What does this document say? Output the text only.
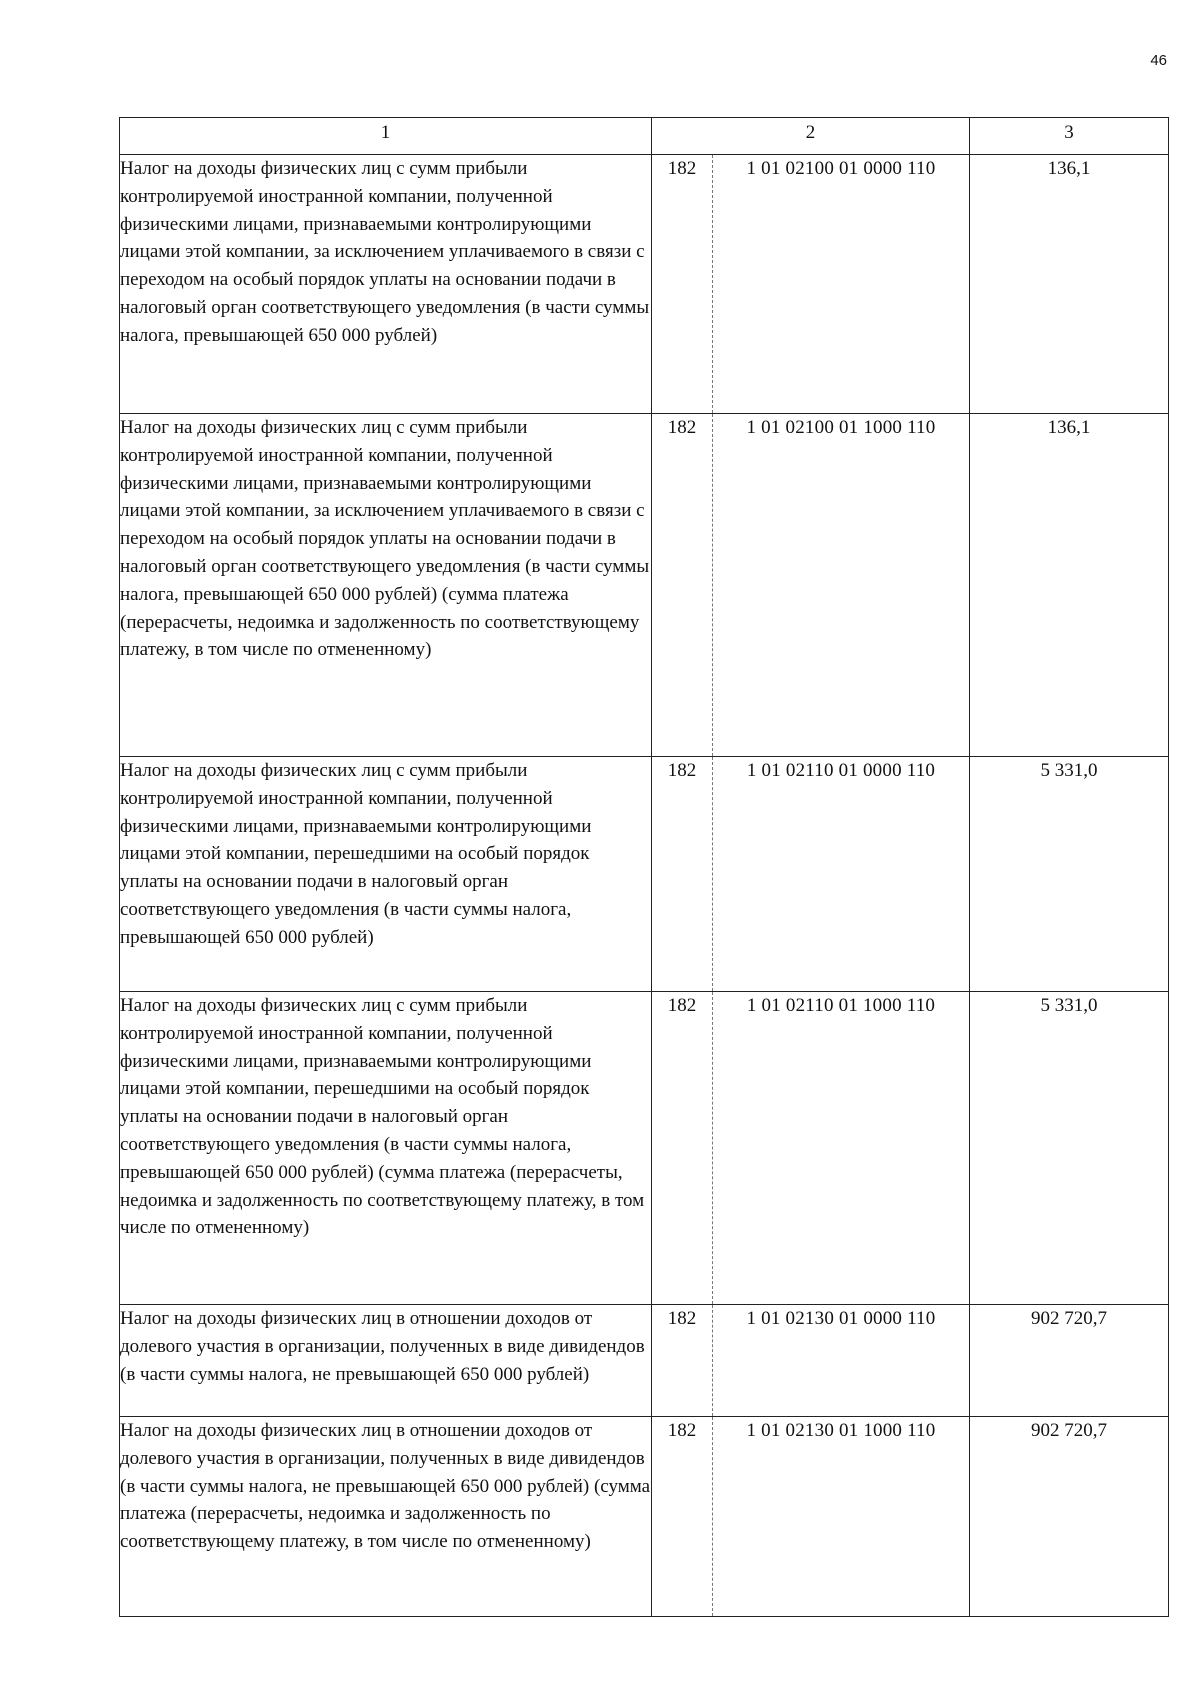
46
1	2		3
Налог на доходы физических лиц с сумм прибыли контролируемой иностранной компании, полученной физическими лицами, признаваемыми контролирующими лицами этой компании, за исключением уплачиваемого в связи с переходом на особый порядок уплаты на основании подачи в налоговый орган соответствующего уведомления (в части суммы налога, превышающей 650 000 рублей)	182	1 01 02100 01 0000 110	136,1
Налог на доходы физических лиц с сумм прибыли контролируемой иностранной компании, полученной физическими лицами, признаваемыми контролирующими лицами этой компании, за исключением уплачиваемого в связи с переходом на особый порядок уплаты на основании подачи в налоговый орган соответствующего уведомления (в части суммы налога, превышающей 650 000 рублей) (сумма платежа (перерасчеты, недоимка и задолженность по соответствующему платежу, в том числе по отмененному)	182	1 01 02100 01 1000 110	136,1
Налог на доходы физических лиц с сумм прибыли контролируемой иностранной компании, полученной физическими лицами, признаваемыми контролирующими лицами этой компании, перешедшими на особый порядок уплаты на основании подачи в налоговый орган соответствующего уведомления (в части суммы налога, превышающей 650 000 рублей)	182	1 01 02110 01 0000 110	5 331,0
Налог на доходы физических лиц с сумм прибыли контролируемой иностранной компании, полученной физическими лицами, признаваемыми контролирующими лицами этой компании, перешедшими на особый порядок уплаты на основании подачи в налоговый орган соответствующего уведомления (в части суммы налога, превышающей 650 000 рублей) (сумма платежа (перерасчеты, недоимка и задолженность по соответствующему платежу, в том числе по отмененному)	182	1 01 02110 01 1000 110	5 331,0
Налог на доходы физических лиц в отношении доходов от долевого участия в организации, полученных в виде дивидендов (в части суммы налога, не превышающей 650 000 рублей)	182	1 01 02130 01 0000 110	902 720,7
Налог на доходы физических лиц в отношении доходов от долевого участия в организации, полученных в виде дивидендов (в части суммы налога, не превышающей 650 000 рублей) (сумма платежа (перерасчеты, недоимка и задолженность по соответствующему платежу, в том числе по отмененному)	182	1 01 02130 01 1000 110	902 720,7
